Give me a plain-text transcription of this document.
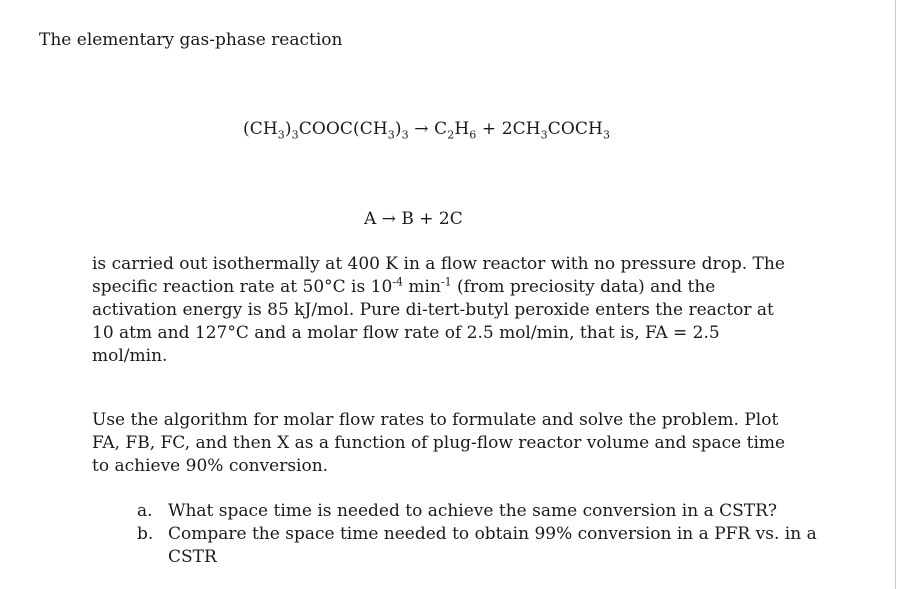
The elementary gas-phase reaction

$(CH_3)_3COOC(CH_3)_3 \to C_2H_6$ + $2CH_3COCH_3$

A → B + 2C

is carried out isothermally at 400 K in a flow reactor with no pressure drop. The specific reaction rate at 50°C is $10^{-4}$ $\min^{-1}$ (from preciosity data) and the activation energy is 85 kJ/mol. Pure di-tert-butyl peroxide enters the reactor at 10 atm and 127°C and a molar flow rate of 2.5 mol/min, that is, FA = 2.5 mol/min.

Use the algorithm for molar flow rates to formulate and solve the problem. Plot FA, FB, FC, and then X as a function of plug-flow reactor volume and space time to achieve 90% conversion.

a. What space time is needed to achieve the same conversion in a CSTR?
b. Compare the space time needed to obtain 99% conversion in a PFR vs. in a CSTR
